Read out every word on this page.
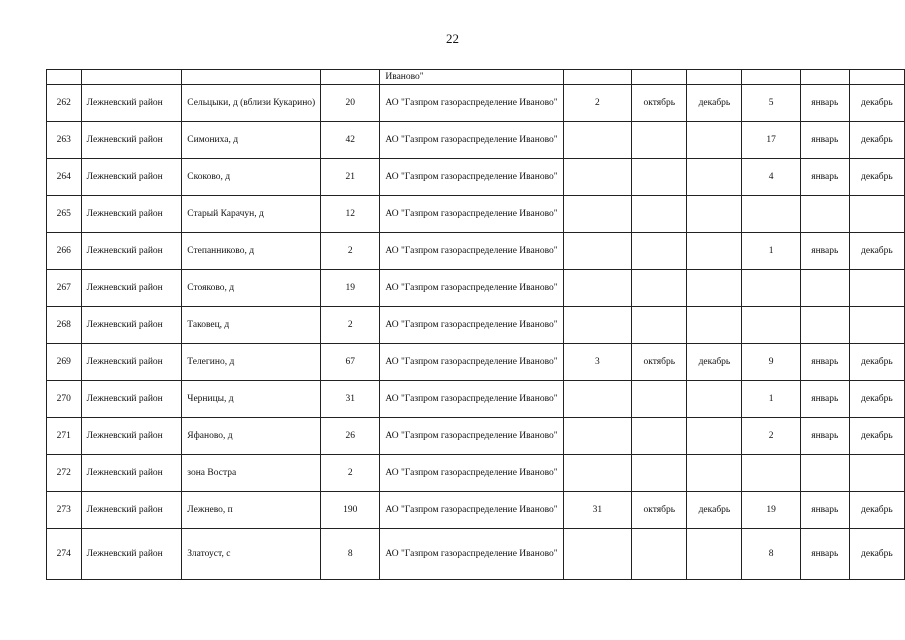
22
				Иваново"						
262	Лежневский район	Сельцыки, д (вблизи Кукарино)	20	АО "Газпром газораспределение Иваново"	2	октябрь	декабрь	5	январь	декабрь
263	Лежневский район	Симониха, д	42	АО "Газпром газораспределение Иваново"				17	январь	декабрь
264	Лежневский район	Скоково, д	21	АО "Газпром газораспределение Иваново"				4	январь	декабрь
265	Лежневский район	Старый Карачун, д	12	АО "Газпром газораспределение Иваново"						
266	Лежневский район	Степанниково, д	2	АО "Газпром газораспределение Иваново"				1	январь	декабрь
267	Лежневский район	Стояково, д	19	АО "Газпром газораспределение Иваново"						
268	Лежневский район	Таковец, д	2	АО "Газпром газораспределение Иваново"						
269	Лежневский район	Телегино, д	67	АО "Газпром газораспределение Иваново"	3	октябрь	декабрь	9	январь	декабрь
270	Лежневский район	Черницы, д	31	АО "Газпром газораспределение Иваново"				1	январь	декабрь
271	Лежневский район	Яфаново, д	26	АО "Газпром газораспределение Иваново"				2	январь	декабрь
272	Лежневский район	зона Востра	2	АО "Газпром газораспределение Иваново"						
273	Лежневский район	Лежнево, п	190	АО "Газпром газораспределение Иваново"	31	октябрь	декабрь	19	январь	декабрь
274	Лежневский район	Златоуст, с	8	АО "Газпром газораспределение Иваново"				8	январь	декабрь
